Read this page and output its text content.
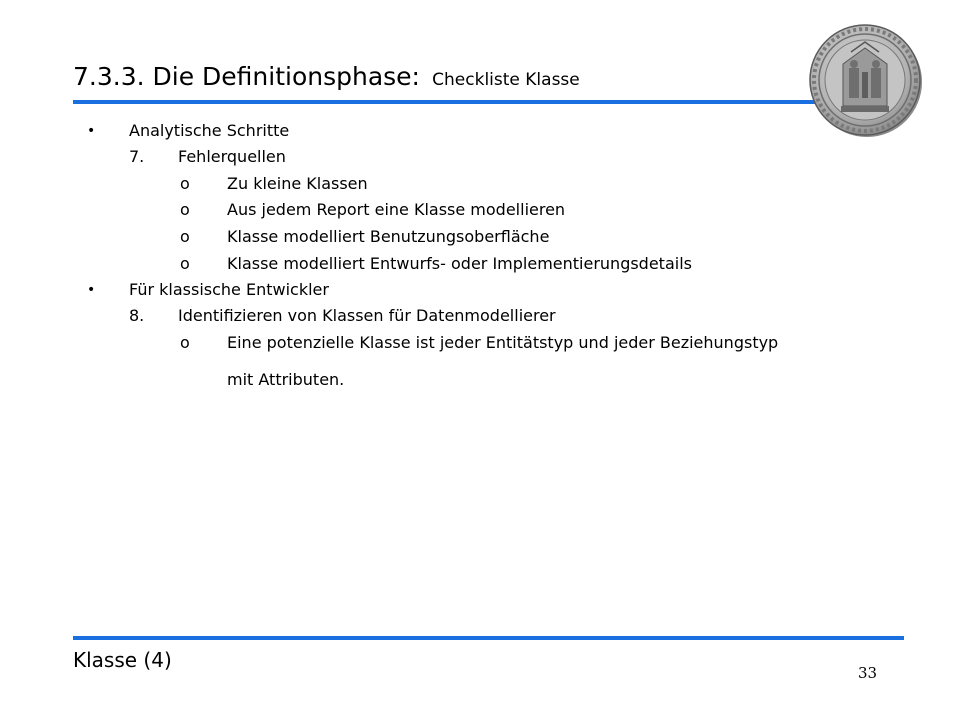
7.3.3. Die Definitionsphase: Checkliste Klasse
• Analytische Schritte
7. Fehlerquellen
o Zu kleine Klassen
o Aus jedem Report eine Klasse modellieren
o Klasse modelliert Benutzungsoberfläche
o Klasse modelliert Entwurfs- oder Implementierungsdetails
• Für klassische Entwickler
8. Identifizieren von Klassen für Datenmodellierer
o Eine potenzielle Klasse ist jeder Entitätstyp und jeder Beziehungstyp
mit Attributen.
Klasse (4)
33
